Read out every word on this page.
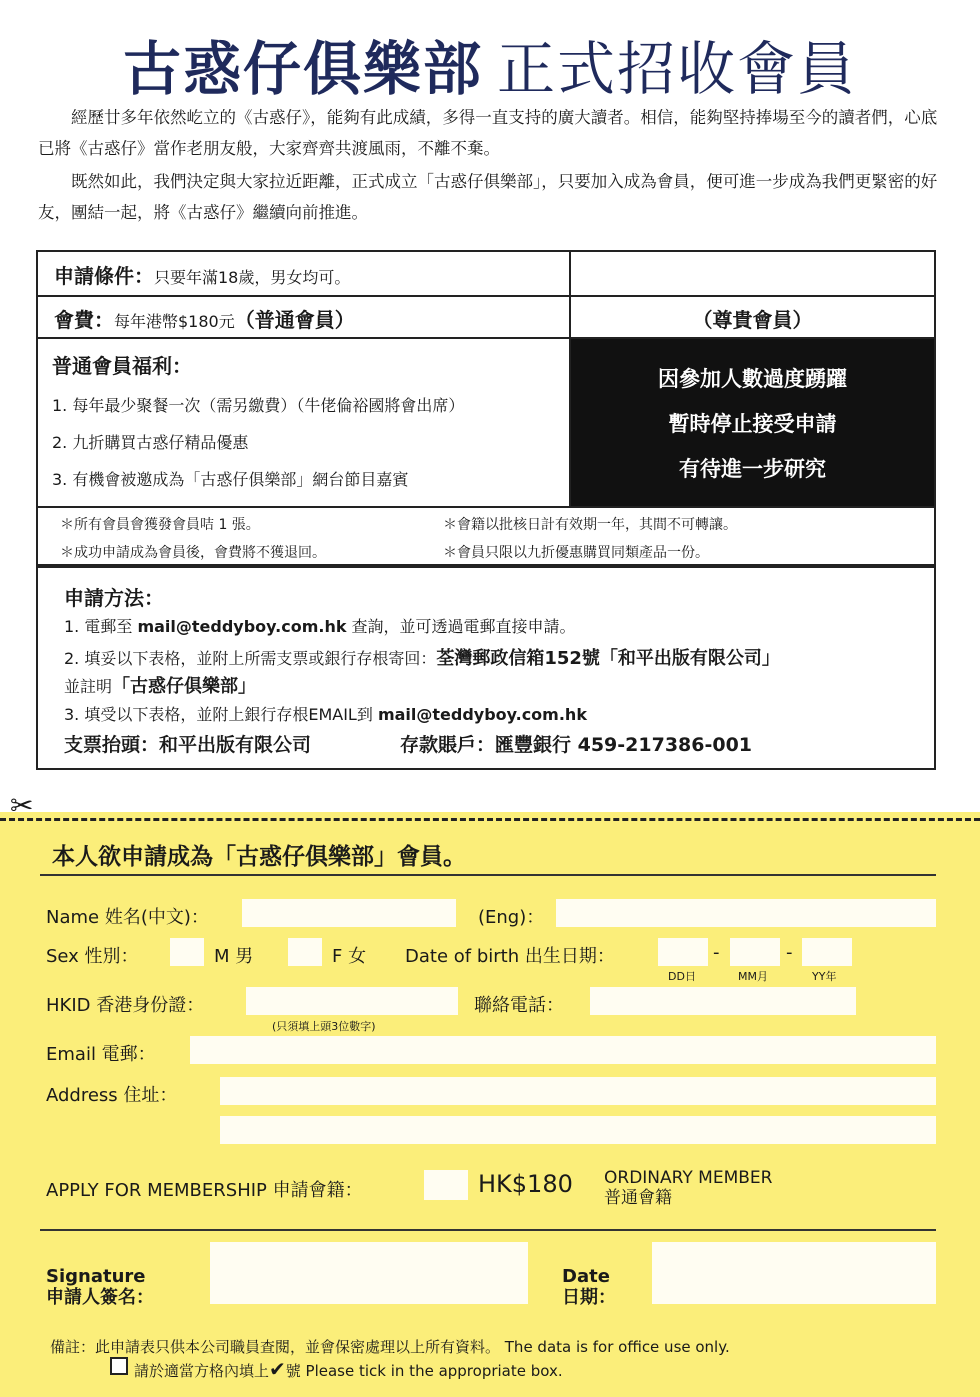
古惑仔俱樂部 正式招收會員

經歷廿多年依然屹立的《古惑仔》，能夠有此成績，多得一直支持的廣大讀者。相信，能夠堅持捧場至今的讀者們，心底已將《古惑仔》當作老朋友般，大家齊齊共渡風雨，不離不棄。

既然如此，我們決定與大家拉近距離，正式成立「古惑仔俱樂部」，只要加入成為會員，便可進一步成為我們更緊密的好友，團結一起，將《古惑仔》繼續向前推進。

申請條件：只要年滿18歲，男女均可。
會費：每年港幣$180元（普通會員）	（尊貴會員）
普通會員福利：
1. 每年最少聚餐一次（需另繳費）（牛佬倫裕國將會出席）
2. 九折購買古惑仔精品優惠
3. 有機會被邀成為「古惑仔俱樂部」網台節目嘉賓
因參加人數過度踴躍
暫時停止接受申請
有待進一步研究
＊所有會員會獲發會員咭 1 張。	＊會籍以批核日計有效期一年，其間不可轉讓。
＊成功申請成為會員後，會費將不獲退回。	＊會員只限以九折優惠購買同類產品一份。
申請方法：
1. 電郵至 mail@teddyboy.com.hk 查詢，並可透過電郵直接申請。
2. 填妥以下表格，並附上所需支票或銀行存根寄回：荃灣郵政信箱152號「和平出版有限公司」
並註明「古惑仔俱樂部」
3. 填受以下表格，並附上銀行存根EMAIL到 mail@teddyboy.com.hk
支票抬頭：和平出版有限公司	存款賬戶：匯豐銀行 459-217386-001
✂
本人欲申請成為「古惑仔俱樂部」會員。
Name 姓名(中文)：	(Eng)：
Sex 性別：	M 男	F 女 Date of birth 出生日期：	-	-
DD日	MM月	YY年
HKID 香港身份證：
(只須填上頭3位數字)
聯絡電話：
Email 電郵：
Address 住址：
APPLY FOR MEMBERSHIP 申請會籍：	HK$180 ORDINARY MEMBER
普通會籍
Signature
申請人簽名：
Date
日期：
備註：此申請表只供本公司職員查閱，並會保密處理以上所有資料。 The data is for office use only.
請於適當方格內填上✔號 Please tick in the appropriate box.
